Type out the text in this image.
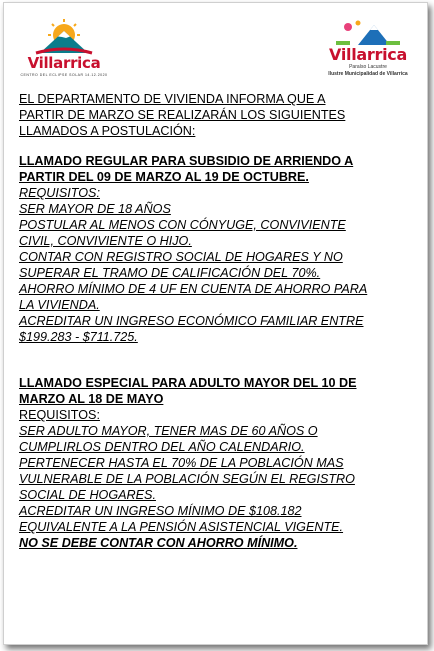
Villarrica
CENTRO DEL ECLIPSE SOLAR 14.12.2020
Villarrica
Paraíso Lacustre
Ilustre Municipalidad de Villarrica
EL DEPARTAMENTO DE VIVIENDA INFORMA QUE A
PARTIR DE MARZO SE REALIZARÁN LOS SIGUIENTES
LLAMADOS A POSTULACIÓN:
LLAMADO REGULAR PARA SUBSIDIO DE ARRIENDO A
PARTIR DEL 09 DE MARZO AL 19 DE OCTUBRE.
REQUISITOS:
SER MAYOR DE 18 AÑOS
POSTULAR AL MENOS CON CÓNYUGE, CONVIVIENTE
CIVIL, CONVIVIENTE O HIJO.
CONTAR CON REGISTRO SOCIAL DE HOGARES Y NO
SUPERAR EL TRAMO DE CALIFICACIÓN DEL 70%.
AHORRO MÍNIMO DE 4 UF EN CUENTA DE AHORRO PARA
LA VIVIENDA.
ACREDITAR UN INGRESO ECONÓMICO FAMILIAR ENTRE
$199.283 - $711.725.
LLAMADO ESPECIAL PARA ADULTO MAYOR DEL 10 DE
MARZO AL 18 DE MAYO
REQUISITOS:
SER ADULTO MAYOR, TENER MAS DE 60 AÑOS O
CUMPLIRLOS DENTRO DEL AÑO CALENDARIO.
PERTENECER HASTA EL 70% DE LA POBLACIÓN MAS
VULNERABLE DE LA POBLACIÓN SEGÚN EL REGISTRO
SOCIAL DE HOGARES.
ACREDITAR UN INGRESO MÍNIMO DE $108.182
EQUIVALENTE A LA PENSIÓN ASISTENCIAL VIGENTE.
NO SE DEBE CONTAR CON AHORRO MÍNIMO.
